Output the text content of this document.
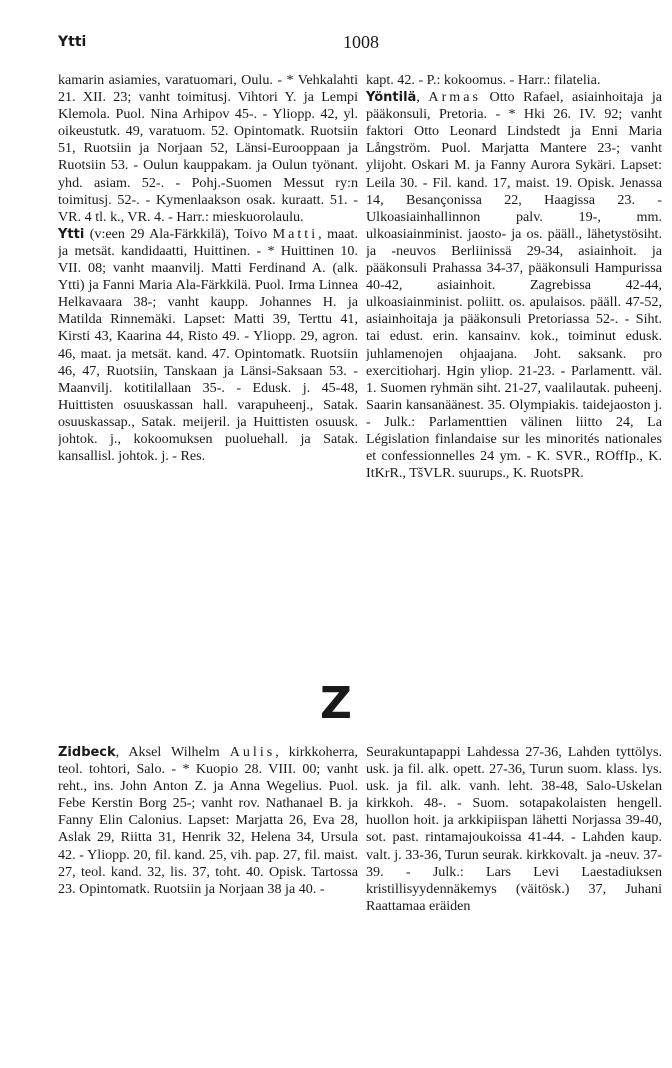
Ytti	1008

kamarin asiamies, varatuomari, Oulu. - * Vehkalahti 21. XII. 23; vanht toimitusj. Vihtori Y. ja Lempi Klemola. Puol. Nina Arhipov 45-. - Yliopp. 42, yl. oikeustutk. 49, varatuom. 52. Opintomatk. Ruotsiin 51, Ruotsiin ja Norjaan 52, Länsi-Eurooppaan ja Ruotsiin 53. - Oulun kauppakam. ja Oulun työnant. yhd. asiam. 52-. - Pohj.-Suomen Messut ry:n toimitusj. 52-. - Kymenlaakson osak. kuraatt. 51. - VR. 4 tl. k., VR. 4. - Harr.: mieskuorolaulu.

Ytti (v:een 29 Ala-Färkkilä), Toivo Matti, maat. ja metsät. kandidaatti, Huittinen. - * Huittinen 10. VII. 08; vanht maanvilj. Matti Ferdinand A. (alk. Ytti) ja Fanni Maria Ala-Färkkilä. Puol. Irma Linnea Helkavaara 38-; vanht kaupp. Johannes H. ja Matilda Rinnemäki. Lapset: Matti 39, Terttu 41, Kirsti 43, Kaarina 44, Risto 49. - Yliopp. 29, agron. 46, maat. ja metsät. kand. 47. Opintomatk. Ruotsiin 46, 47, Ruotsiin, Tanskaan ja Länsi-Saksaan 53. - Maanvilj. kotitilallaan 35-. - Edusk. j. 45-48, Huittisten osuuskassan hall. varapuheenj., Satak. osuuskassap., Satak. meijeril. ja Huittisten osuusk. johtok. j., kokoomuksen puoluehall. ja Satak. kansallisl. johtok. j. - Res.

kapt. 42. - P.: kokoomus. - Harr.: filatelia.

Yöntilä, Armas Otto Rafael, asiainhoitaja ja pääkonsuli, Pretoria. - * Hki 26. IV. 92; vanht faktori Otto Leonard Lindstedt ja Enni Maria Långström. Puol. Marjatta Mantere 23-; vanht ylijoht. Oskari M. ja Fanny Aurora Sykäri. Lapset: Leila 30. - Fil. kand. 17, maist. 19. Opisk. Jenassa 14, Besançonissa 22, Haagissa 23. - Ulkoasiainhallinnon palv. 19-, mm. ulkoasiainminist. jaosto- ja os. pääll., lähetystösiht. ja -neuvos Berliinissä 29-34, asiainhoit. ja pääkonsuli Prahassa 34-37, pääkonsuli Hampurissa 40-42, asiainhoit. Zagrebissa 42-44, ulkoasiainminist. poliitt. os. apulaisos. pääll. 47-52, asiainhoitaja ja pääkonsuli Pretoriassa 52-. - Siht. tai edust. erin. kansainv. kok., toiminut edusk. juhlamenojen ohjaajana. Joht. saksank. pro exercitioharj. Hgin yliop. 21-23. - Parlamentt. väl. 1. Suomen ryhmän siht. 21-27, vaalilautak. puheenj. Saarin kansanäänest. 35. Olympiakis. taidejaoston j. - Julk.: Parlamenttien välinen liitto 24, La Législation finlandaise sur les minorités nationales et confessionnelles 24 ym. - K. SVR., ROffIp., K. ItKrR., TšVLR. suurups., K. RuotsPR.

Z

Zidbeck, Aksel Wilhelm Aulis, kirkkoherra, teol. tohtori, Salo. - * Kuopio 28. VIII. 00; vanht reht., ins. John Anton Z. ja Anna Wegelius. Puol. Febe Kerstin Borg 25-; vanht rov. Nathanael B. ja Fanny Elin Calonius. Lapset: Marjatta 26, Eva 28, Aslak 29, Riitta 31, Henrik 32, Helena 34, Ursula 42. - Yliopp. 20, fil. kand. 25, vih. pap. 27, fil. maist. 27, teol. kand. 32, lis. 37, toht. 40. Opisk. Tartossa 23. Opintomatk. Ruotsiin ja Norjaan 38 ja 40. -

Seurakuntapappi Lahdessa 27-36, Lahden tyttölys. usk. ja fil. alk. opett. 27-36, Turun suom. klass. lys. usk. ja fil. alk. vanh. leht. 38-48, Salo-Uskelan kirkkoh. 48-. - Suom. sotapakolaisten hengell. huollon hoit. ja arkkipiispan lähetti Norjassa 39-40, sot. past. rintamajoukoissa 41-44. - Lahden kaup. valt. j. 33-36, Turun seurak. kirkkovalt. ja -neuv. 37-39. - Julk.: Lars Levi Laestadiuksen kristillisyydennäkemys (väitösk.) 37, Juhani Raattamaa eräiden
